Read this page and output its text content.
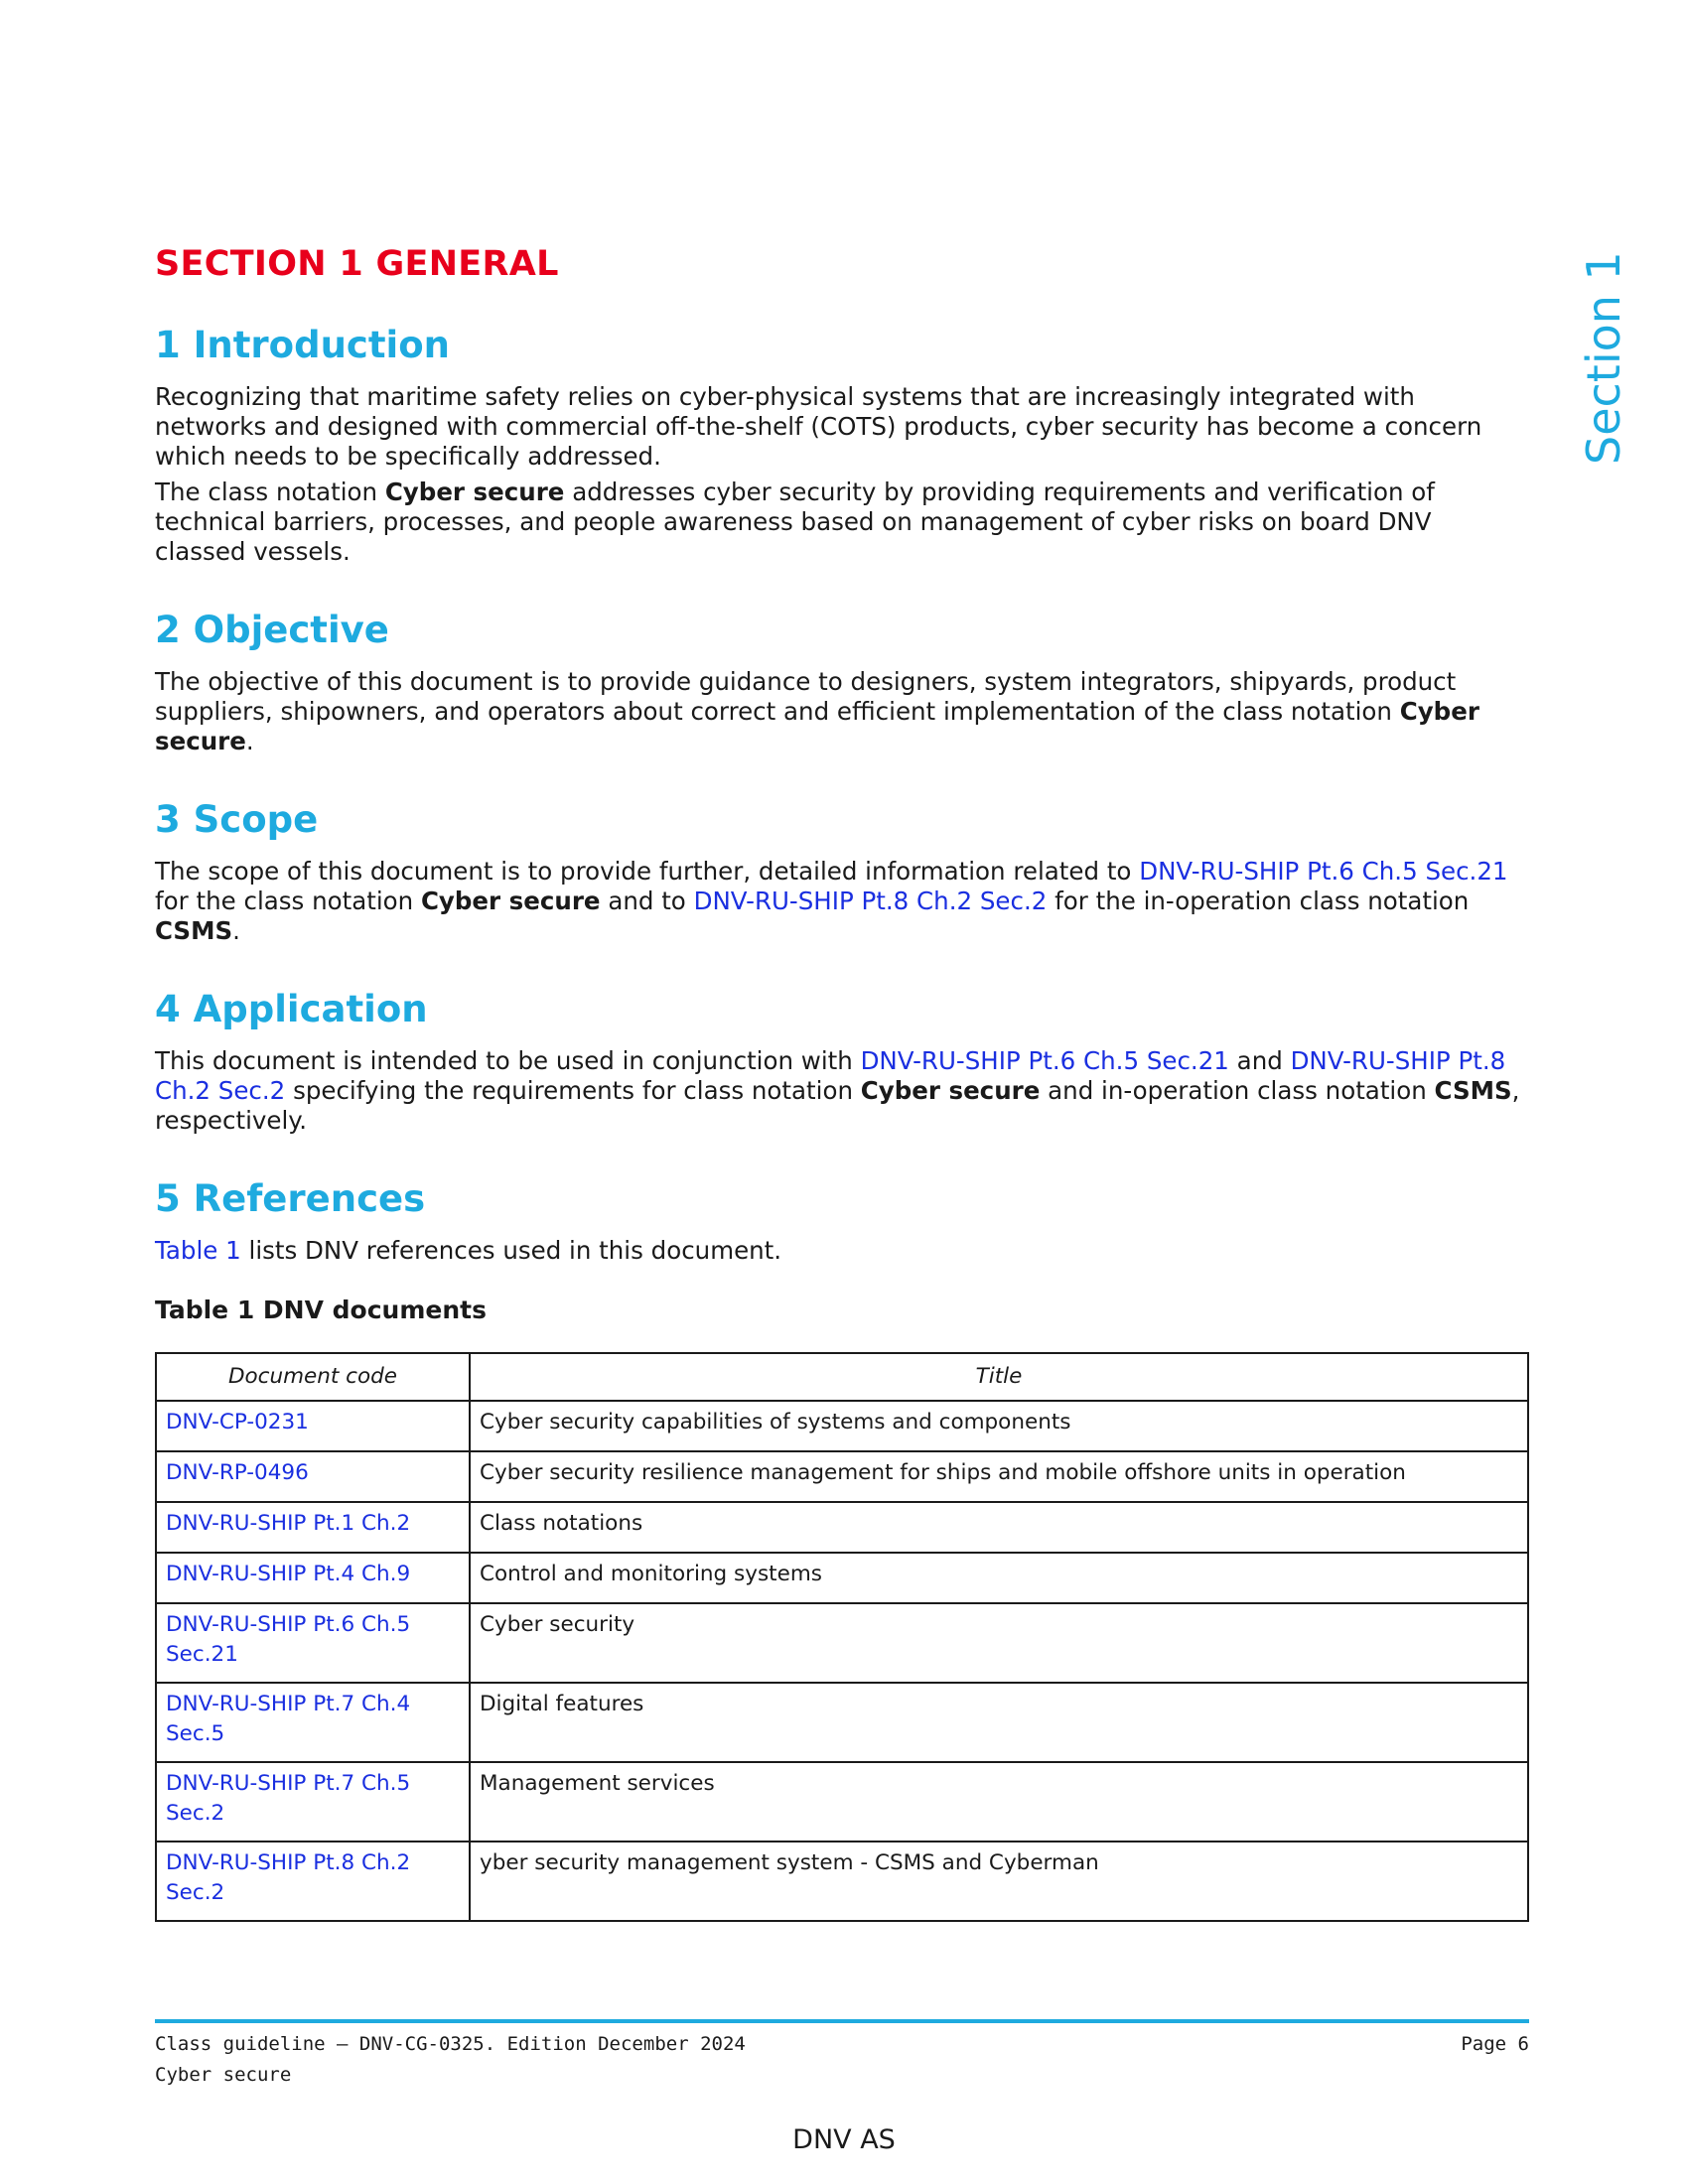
Section 1
SECTION 1 GENERAL
1 Introduction

Recognizing that maritime safety relies on cyber-physical systems that are increasingly integrated with networks and designed with commercial off-the-shelf (COTS) products, cyber security has become a concern which needs to be specifically addressed.

The class notation Cyber secure addresses cyber security by providing requirements and verification of technical barriers, processes, and people awareness based on management of cyber risks on board DNV classed vessels.

2 Objective

The objective of this document is to provide guidance to designers, system integrators, shipyards, product suppliers, shipowners, and operators about correct and efficient implementation of the class notation Cyber secure.

3 Scope

The scope of this document is to provide further, detailed information related to DNV-RU-SHIP Pt.6 Ch.5 Sec.21 for the class notation Cyber secure and to DNV-RU-SHIP Pt.8 Ch.2 Sec.2 for the in-operation class notation CSMS.

4 Application

This document is intended to be used in conjunction with DNV-RU-SHIP Pt.6 Ch.5 Sec.21 and DNV-RU-SHIP Pt.8 Ch.2 Sec.2 specifying the requirements for class notation Cyber secure and in-operation class notation CSMS, respectively.

5 References

Table 1 lists DNV references used in this document.

Table 1 DNV documents
Document code	Title
DNV-CP-0231	Cyber security capabilities of systems and components
DNV-RP-0496	Cyber security resilience management for ships and mobile offshore units in operation
DNV-RU-SHIP Pt.1 Ch.2	Class notations
DNV-RU-SHIP Pt.4 Ch.9	Control and monitoring systems
DNV-RU-SHIP Pt.6 Ch.5 Sec.21	Cyber security
DNV-RU-SHIP Pt.7 Ch.4 Sec.5	Digital features
DNV-RU-SHIP Pt.7 Ch.5 Sec.2	Management services
DNV-RU-SHIP Pt.8 Ch.2 Sec.2	yber security management system - CSMS and Cyberman
Class guideline — DNV-CG-0325. Edition December 2024
Cyber secure
Page 6
DNV AS
